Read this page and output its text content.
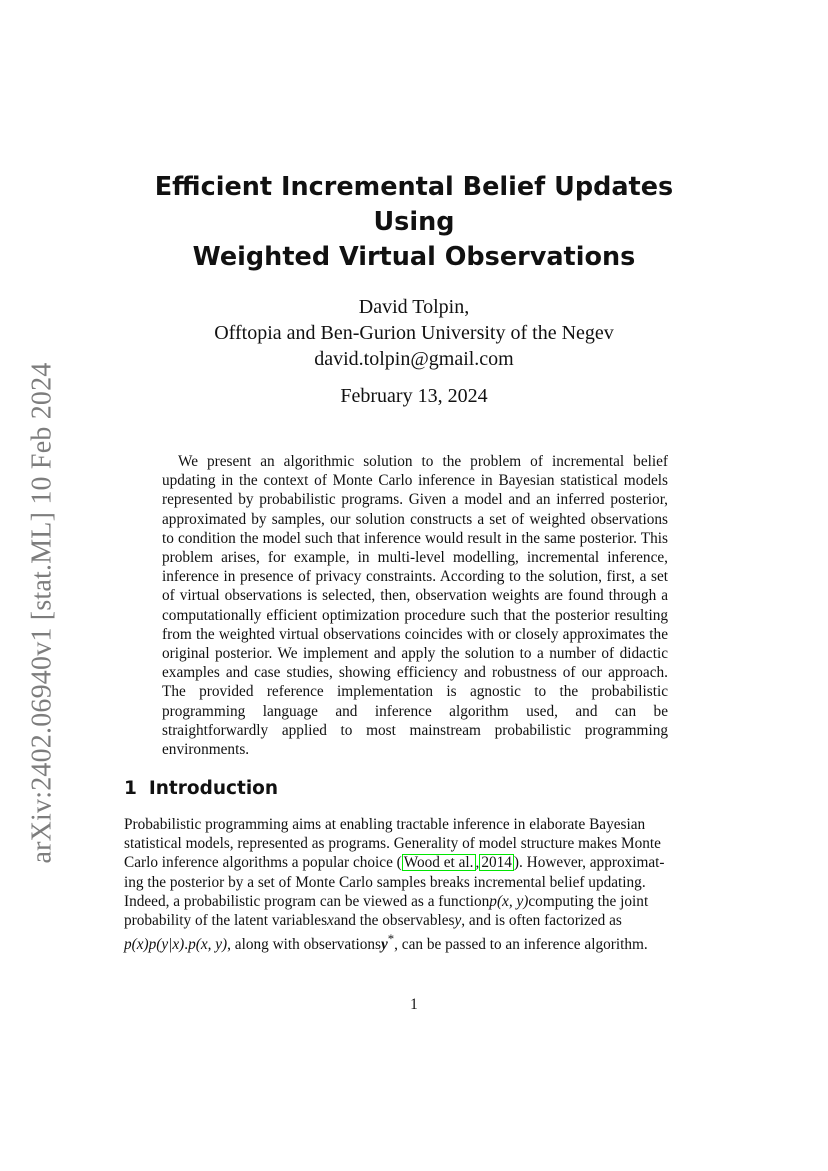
arXiv:2402.06940v1 [stat.ML] 10 Feb 2024
Efficient Incremental Belief Updates
Using
Weighted Virtual Observations
David Tolpin,
Offtopia and Ben-Gurion University of the Negev
david.tolpin@gmail.com
February 13, 2024

We present an algorithmic solution to the problem of incremental belief updating in the context of Monte Carlo inference in Bayesian statistical models represented by probabilistic programs. Given a model and an inferred posterior, approximated by samples, our solution constructs a set of weighted observations to condition the model such that inference would result in the same posterior. This problem arises, for example, in multi-level modelling, incremental inference, inference in presence of privacy constraints. According to the solution, first, a set of virtual observations is selected, then, observation weights are found through a computationally efficient optimization procedure such that the posterior resulting from the weighted virtual observations coincides with or closely approximates the original posterior. We implement and apply the solution to a number of didactic examples and case studies, showing efficiency and robustness of our approach. The provided reference implementation is agnostic to the probabilistic programming language and inference algorithm used, and can be straightforwardly applied to most mainstream probabilistic programming environments.

1 Introduction
Probabilistic programming aims at enabling tractable inference in elaborate Bayesian
statistical models, represented as programs. Generality of model structure makes Monte
Carlo inference algorithms a popular choice ( Wood et al. ,2014 ). However, approximat-
ing the posterior by a set of Monte Carlo samples breaks incremental belief updating.
Indeed, a probabilistic program can be viewed as a functionp(x, y)computing the joint
probability of the latent variablesxand the observablesy, and is often factorized as
p(x)p(y|x).p(x, y), along with observationsy*, can be passed to an inference algorithm.
1
